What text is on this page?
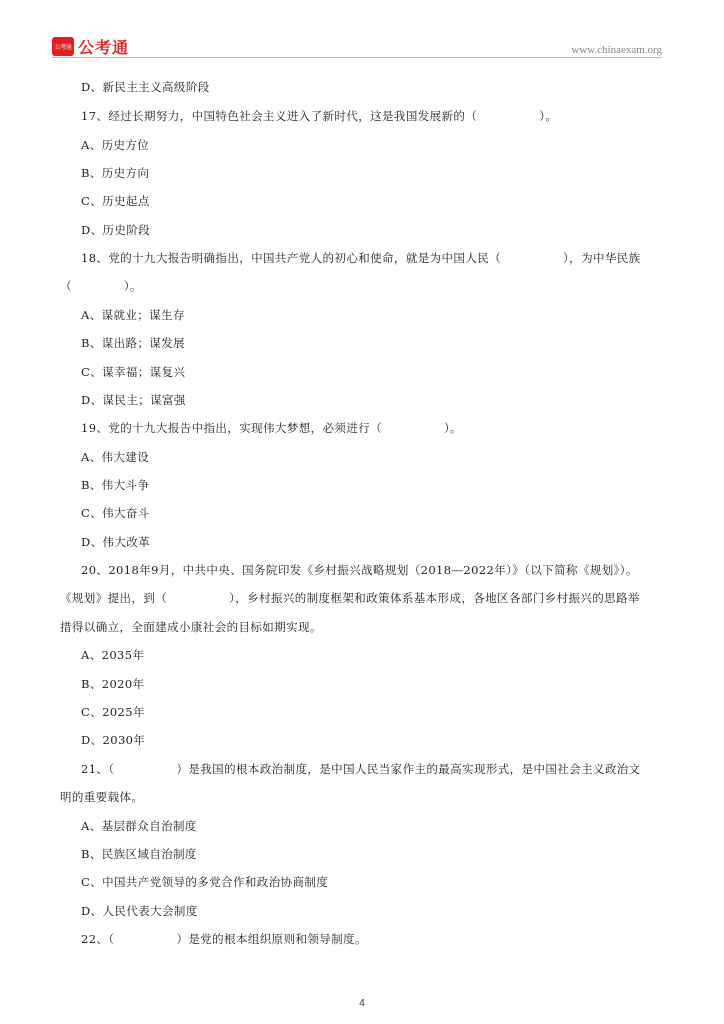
公考通 公考通	www.chinaexam.org
D、新民主主义高级阶段
17、经过长期努力，中国特色社会主义进入了新时代，这是我国发展新的（	）。
A、历史方位
B、历史方向
C、历史起点
D、历史阶段
18、党的十九大报告明确指出，中国共产党人的初心和使命，就是为中国人民（	），为中华民族
（	）。
A、谋就业；谋生存
B、谋出路；谋发展
C、谋幸福；谋复兴
D、谋民主；谋富强
19、党的十九大报告中指出，实现伟大梦想，必须进行（	）。
A、伟大建设
B、伟大斗争
C、伟大奋斗
D、伟大改革
20、2018年9月，中共中央、国务院印发《乡村振兴战略规划（2018—2022年）》（以下简称《规划》）。
《规划》提出，到（	），乡村振兴的制度框架和政策体系基本形成，各地区各部门乡村振兴的思路举
措得以确立，全面建成小康社会的目标如期实现。
A、2035年
B、2020年
C、2025年
D、2030年
21、（	）是我国的根本政治制度，是中国人民当家作主的最高实现形式，是中国社会主义政治文
明的重要载体。
A、基层群众自治制度
B、民族区域自治制度
C、中国共产党领导的多党合作和政治协商制度
D、人民代表大会制度
22、（	）是党的根本组织原则和领导制度。
4
